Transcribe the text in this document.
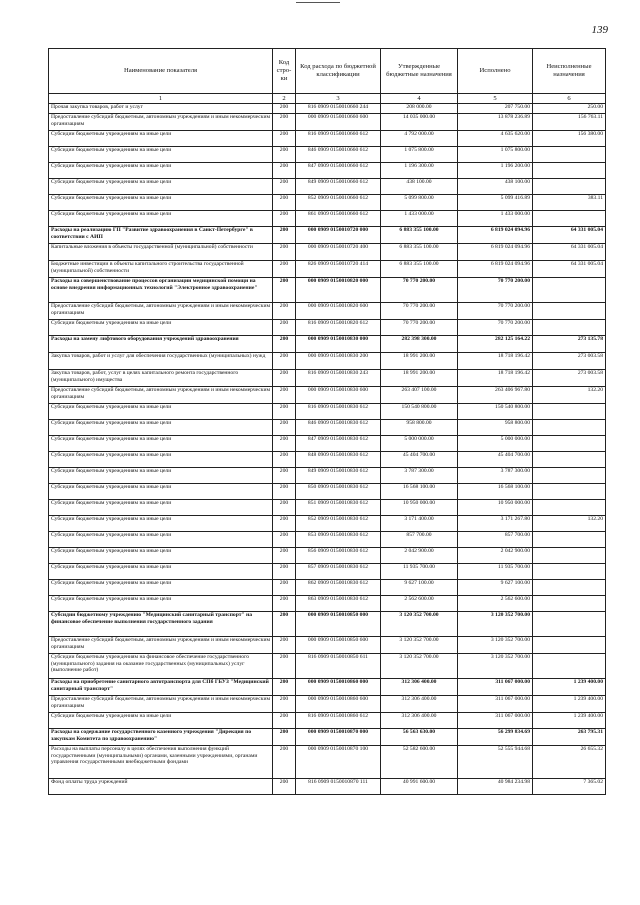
139
Наименование показателя	Код стро-ки	Код расхода по бюджетной классификации	Утвержденные бюджетные назначения	Исполнено	Неисполненные назначения
1	2	3	4	5	6
Прочая закупка товаров, работ и услуг	200	816 0909 0150010660 244	208 000.00	207 750.00	250.00
Предоставление субсидий бюджетным, автономным учреждениям и иным некоммерческим организациям	200	000 0909 0150010660 600	14 035 000.00	13 878 236.89	156 763.11
Субсидии бюджетным учреждениям на иные цели	200	816 0909 0150010660 612	4 792 000.00	4 635 620.00	156 380.00
Субсидии бюджетным учреждениям на иные цели	200	846 0909 0150010660 612	1 075 800.00	1 075 800.00	
Субсидии бюджетным учреждениям на иные цели	200	847 0909 0150010660 612	1 196 300.00	1 196 200.00	
Субсидии бюджетным учреждениям на иные цели	200	849 0909 0150010660 612	438 100.00	438 100.00	
Субсидии бюджетным учреждениям на иные цели	200	852 0909 0150010660 612	5 099 800.00	5 099 416.89	383.11
Субсидии бюджетным учреждениям на иные цели	200	861 0909 0150010660 612	1 433 000.00	1 433 000.00	
Расходы на реализацию ГП "Развитие здравоохранения в Санкт-Петербурге" в соответствии с АИП	200	000 0909 0150010720 000	6 883 355 100.00	6 819 024 094.96	64 331 005.04
Капитальные вложения в объекты государственной (муниципальной) собственности	200	000 0909 0150010720 400	6 883 355 100.00	6 819 024 094.96	64 331 005.04
Бюджетные инвестиции в объекты капитального строительства государственной (муниципальной) собственности	200	826 0909 0150010720 414	6 883 355 100.00	6 819 024 094.96	64 331 005.04
Расходы на совершенствование процессов организации медицинской помощи на основе внедрения информационных технологий "Электронное здравоохранение"	200	000 0909 0150010820 000	70 770 200.00	70 770 200.00	
Предоставление субсидий бюджетным, автономным учреждениям и иным некоммерческим организациям	200	000 0909 0150010820 600	70 770 200.00	70 770 200.00	
Субсидии бюджетным учреждениям на иные цели	200	816 0909 0150010820 612	70 770 200.00	70 770 200.00	
Расходы на замену лифтового оборудования учреждений здравоохранения	200	000 0909 0150010830 000	282 398 300.00	282 125 164.22	273 135.78
Закупка товаров, работ и услуг для обеспечения государственных (муниципальных) нужд	200	000 0909 0150010830 200	18 991 200.00	18 718 196.42	273 003.58
Закупка товаров, работ, услуг в целях капитального ремонта государственного (муниципального) имущества	200	816 0909 0150010830 243	18 991 200.00	18 718 196.42	273 003.58
Предоставление субсидий бюджетным, автономным учреждениям и иным некоммерческим организациям	200	000 0909 0150010830 600	263 407 100.00	263 406 967.80	132.20
Субсидии бюджетным учреждениям на иные цели	200	816 0909 0150010830 612	150 540 800.00	150 540 800.00	
Субсидии бюджетным учреждениям на иные цели	200	846 0909 0150010830 612	958 800.00	958 800.00	
Субсидии бюджетным учреждениям на иные цели	200	847 0909 0150010830 612	5 000 000.00	5 000 000.00	
Субсидии бюджетным учреждениям на иные цели	200	848 0909 0150010830 612	45 404 700.00	45 404 700.00	
Субсидии бюджетным учреждениям на иные цели	200	849 0909 0150010830 612	3 787 300.00	3 787 300.00	
Субсидии бюджетным учреждениям на иные цели	200	850 0909 0150010830 612	16 568 100.00	16 568 100.00	
Субсидии бюджетным учреждениям на иные цели	200	851 0909 0150010830 612	10 950 000.00	10 950 000.00	
Субсидии бюджетным учреждениям на иные цели	200	852 0909 0150010830 612	3 171 400.00	3 171 267.80	132.20
Субсидии бюджетным учреждениям на иные цели	200	853 0909 0150010830 612	857 700.00	857 700.00	
Субсидии бюджетным учреждениям на иные цели	200	856 0909 0150010830 612	2 042 900.00	2 042 900.00	
Субсидии бюджетным учреждениям на иные цели	200	857 0909 0150010830 612	11 935 700.00	11 935 700.00	
Субсидии бюджетным учреждениям на иные цели	200	862 0909 0150010830 612	9 627 100.00	9 627 100.00	
Субсидии бюджетным учреждениям на иные цели	200	863 0909 0150010830 612	2 562 600.00	2 562 600.00	
Субсидии бюджетному учреждению "Медицинский санитарный транспорт" на финансовое обеспечение выполнения государственного задания	200	000 0909 0150010850 000	3 120 352 700.00	3 120 352 700.00	
Предоставление субсидий бюджетным, автономным учреждениям и иным некоммерческим организациям	200	000 0909 0150010850 600	3 120 352 700.00	3 120 352 700.00	
Субсидии бюджетным учреждениям на финансовое обеспечение государственного (муниципального) задания на оказание государственных (муниципальных) услуг (выполнение работ)	200	816 0909 0150010850 611	3 120 352 700.00	3 120 352 700.00	
Расходы на приобретение санитарного автотранспорта для СПб ГБУЗ "Медицинский санитарный транспорт"	200	000 0909 0150010860 000	312 306 400.00	311 067 000.00	1 239 400.00
Предоставление субсидий бюджетным, автономным учреждениям и иным некоммерческим организациям	200	000 0909 0150010860 600	312 306 400.00	311 067 000.00	1 239 400.00
Субсидии бюджетным учреждениям на иные цели	200	816 0909 0150010860 612	312 306 400.00	311 067 000.00	1 239 400.00
Расходы на содержание государственного казенного учреждения "Дирекция по закупкам Комитета по здравоохранению"	200	000 0909 0150010870 000	56 563 630.00	56 299 834.69	263 795.31
Расходы на выплаты персоналу в целях обеспечения выполнения функций государственными (муниципальными) органами, казенными учреждениями, органами управления государственными внебюджетными фондами	200	000 0909 0150010870 100	52 582 600.00	52 555 944.68	26 655.32
Фонд оплаты труда учреждений	200	816 0909 0150010870 111	40 991 600.00	40 984 234.98	7 365.02
